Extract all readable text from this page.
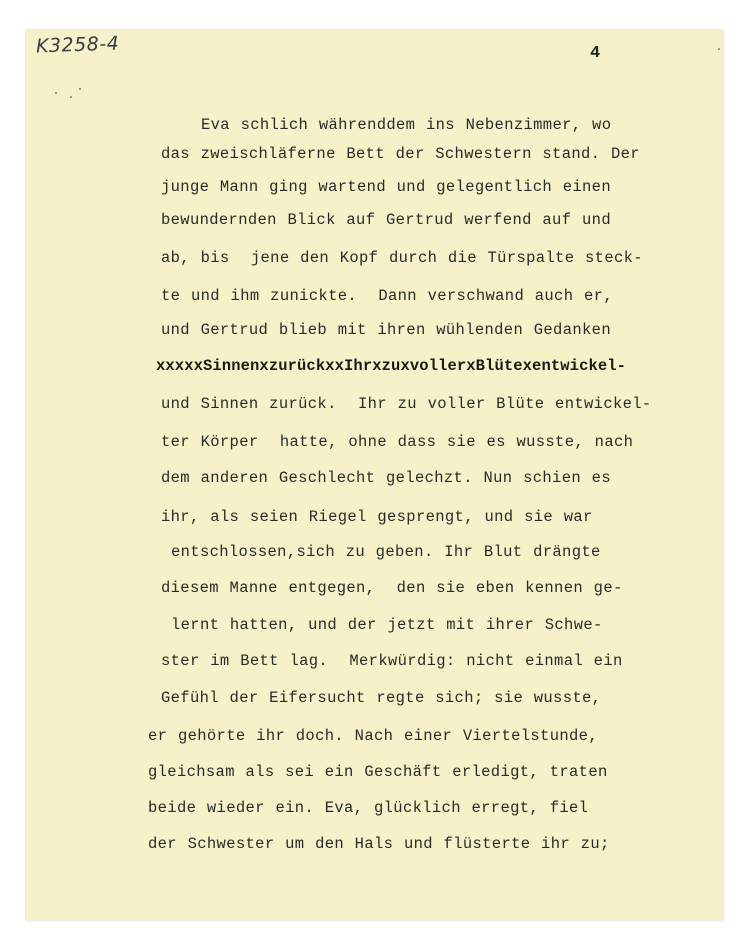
K3258-4	4
Eva schlich währenddem ins Nebenzimmer, wo
das zweischläferne Bett der Schwestern stand. Der
junge Mann ging wartend und gelegentlich einen
bewundernden Blick auf Gertrud werfend auf und
ab, bis  jene den Kopf durch die Türspalte steck-
te und ihm zunickte.  Dann verschwand auch er,
und Gertrud blieb mit ihren wühlenden Gedanken
xxxxxSinnenxzurückxxIhrxzuxvollerxBlütexentwickel-
und Sinnen zurück.  Ihr zu voller Blüte entwickel-
ter Körper  hatte, ohne dass sie es wusste, nach
dem anderen Geschlecht gelechzt. Nun schien es
ihr, als seien Riegel gesprengt, und sie war
entschlossen,sich zu geben. Ihr Blut drängte
diesem Manne entgegen,  den sie eben kennen ge-
lernt hatten, und der jetzt mit ihrer Schwe-
ster im Bett lag.  Merkwürdig: nicht einmal ein
Gefühl der Eifersucht regte sich; sie wusste,
er gehörte ihr doch. Nach einer Viertelstunde,
gleichsam als sei ein Geschäft erledigt, traten
beide wieder ein. Eva, glücklich erregt, fiel
der Schwester um den Hals und flüsterte ihr zu;
